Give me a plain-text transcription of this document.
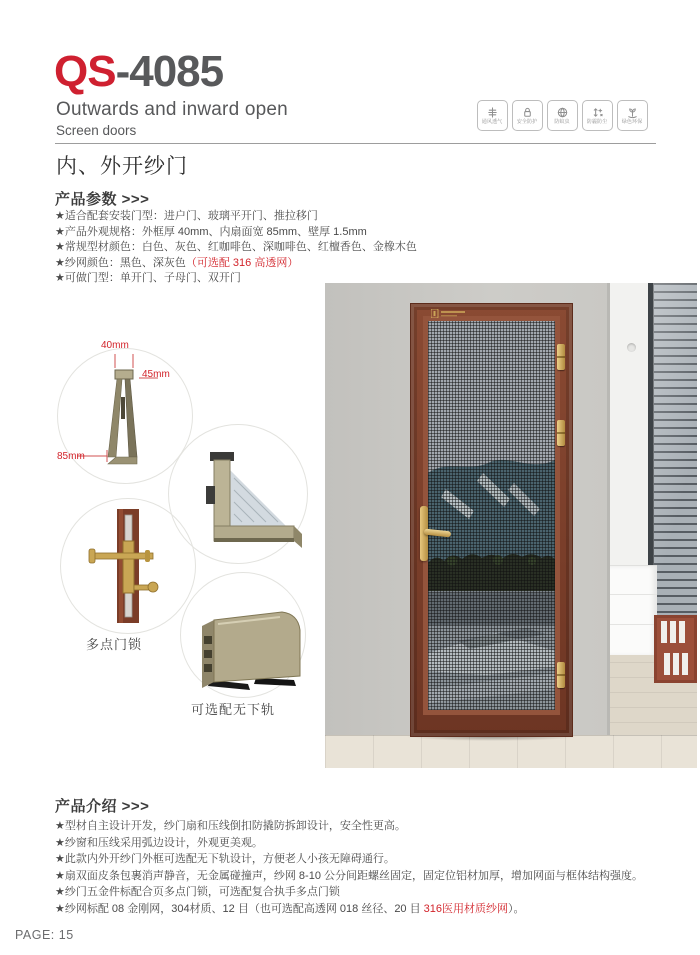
QS-4085
Outwards and inward open
Screen doors
内、外开纱门
通风透气 安全防护	防蚊虫	防霾防尘 绿色环保
产品参数 >>>
★适合配套安装门型：进户门、玻璃平开门、推拉移门
★产品外观规格：外框厚 40mm、内扇面宽 85mm、壁厚 1.5mm
★常规型材颜色：白色、灰色、红咖啡色、深咖啡色、红檀香色、金橡木色
★纱网颜色：黑色、深灰色（可选配 316 高透网）
★可做门型：单开门、子母门、双开门
40mm
45mm
85mm
多点门锁
可选配无下轨
产品介绍 >>>
★型材自主设计开发，纱门扇和压线倒扣防撬防拆卸设计，安全性更高。
★纱窗和压线采用弧边设计，外观更美观。
★此款内外开纱门外框可选配无下轨设计，方便老人小孩无障碍通行。
★扇双面皮条包裹消声静音，无金属碰撞声，纱网 8-10 公分间距螺丝固定，固定位铝材加厚，增加网面与框体结构强度。
★纱门五金件标配合页多点门锁，可选配复合执手多点门锁
★纱网标配 08 金刚网，304材质、12 目（也可选配高透网 018 丝径、20 目 316医用材质纱网）。
PAGE: 15
